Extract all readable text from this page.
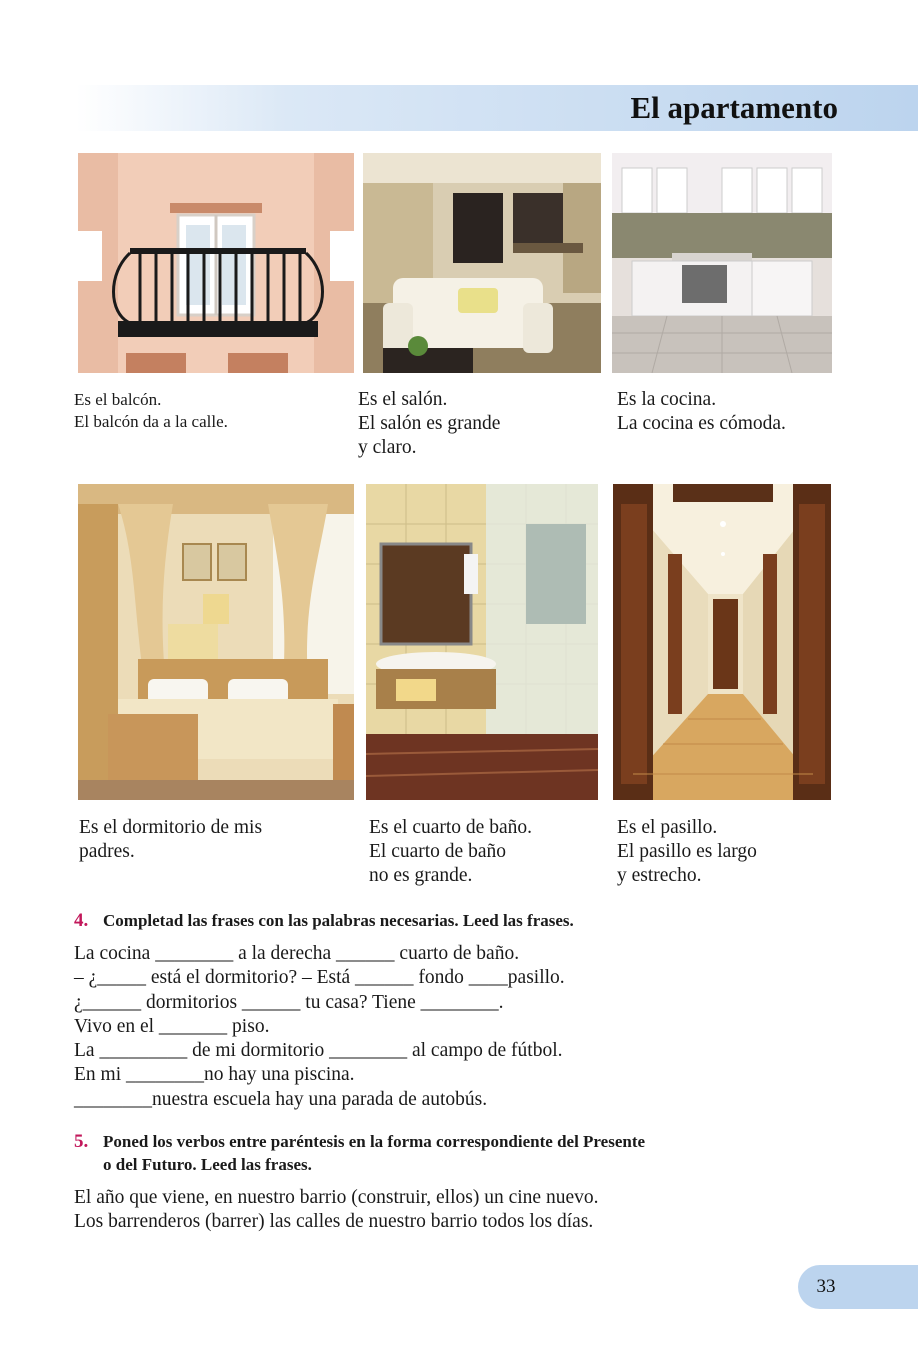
El apartamento
Es el balcón.
El balcón da a la calle.
Es el salón.
El salón es grande
y claro.
Es la cocina.
La cocina es cómoda.
Es el dormitorio de mis
padres.
Es el cuarto de baño.
El cuarto de baño
no es grande.
Es el pasillo.
El pasillo es largo
y estrecho.
4. Completad las frases con las palabras necesarias. Leed las frases.
La cocina ________ a la derecha ______ cuarto de baño.
– ¿_____ está el dormitorio? – Está ______ fondo ____pasillo.
¿______ dormitorios ______ tu casa? Tiene ________.
Vivo en el _______ piso.
La _________ de mi dormitorio ________ al campo de fútbol.
En mi ________no hay una piscina.
________nuestra escuela hay una parada de autobús.
5. Poned los verbos entre paréntesis en la forma correspondiente del Presente
o del Futuro. Leed las frases.
El año que viene, en nuestro barrio (construir, ellos) un cine nuevo.
Los barrenderos (barrer) las calles de nuestro barrio todos los días.
33
